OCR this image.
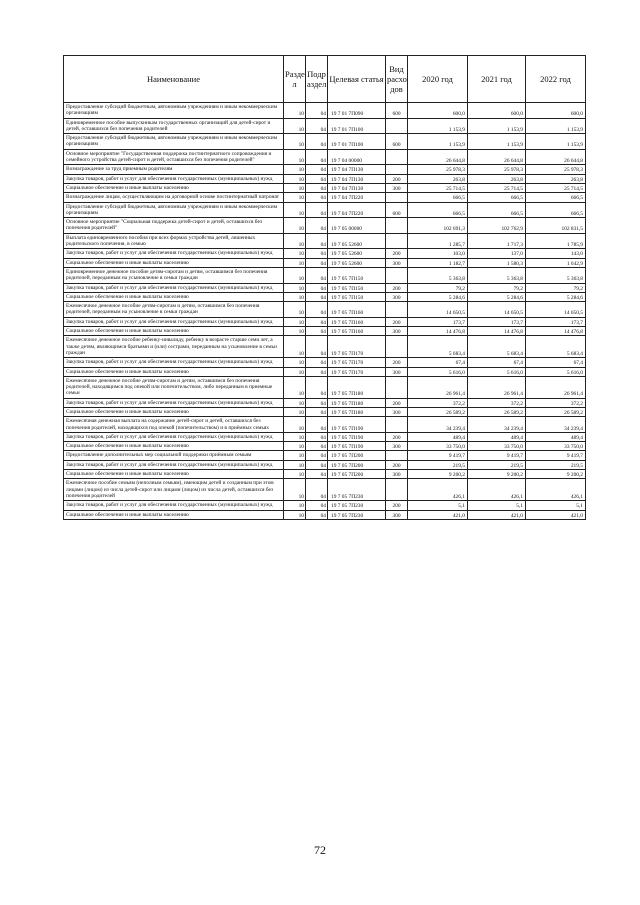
Наименование	Разде л	Подр аздел	Целевая статья	Вид расхо дов	2020 год	2021 год	2022 год
Предоставление субсидий бюджетным, автономным учреждениям и иным некоммерческим организациям	10	04	19 7 01 7П090	600	600,0	600,0	600,0
Единовременное пособие выпускникам государственных организаций для детей-сирот и детей, оставшихся без попечения родителей	10	04	19 7 01 7П100		1 153,9	1 153,9	1 153,9
Предоставление субсидий бюджетным, автономным учреждениям и иным некоммерческим организациям	10	04	19 7 01 7П100	600	1 153,9	1 153,9	1 153,9
Основное мероприятие "Государственная поддержка постинтернатного сопровождения и семейного устройства детей-сирот и детей, оставшихся без попечения родителей"	10	04	19 7 04 00000		26 644,8	26 644,8	26 644,8
Вознаграждение за труд приемным родителям	10	04	19 7 04 7П130		25 978,3	25 978,3	25 978,3
Закупка товаров, работ и услуг для обеспечения государственных (муниципальных) нужд	10	04	19 7 04 7П130	200	263,8	263,8	263,8
Социальное обеспечение и иные выплаты населению	10	04	19 7 04 7П130	300	25 714,5	25 714,5	25 714,5
Вознаграждение лицам, осуществляющим на договорной основе постинтернатный патронат	10	04	19 7 04 7П220		666,5	666,5	666,5
Предоставление субсидий бюджетным, автономным учреждениям и иным некоммерческим организациям	10	04	19 7 04 7П220	600	666,5	666,5	666,5
Основное мероприятие "Социальная поддержка детей-сирот и детей, оставшихся без попечения родителей"	10	04	19 7 05 00000		102 691,3	102 762,9	102 831,5
Выплата единовременного пособия при всех формах устройства детей, лишенных родительского попечения, в семью	10	04	19 7 05 52600		1 285,7	1 717,3	1 785,9
Закупка товаров, работ и услуг для обеспечения государственных (муниципальных) нужд	10	04	19 7 05 52600	200	103,0	137,0	143,0
Социальное обеспечение и иные выплаты населению	10	04	19 7 05 52600	300	1 182,7	1 580,3	1 642,9
Единовременное денежное пособие детям-сиротам и детям, оставшимся без попечения родителей, переданным на усыновление в семьи граждан	10	04	19 7 05 7П150		5 363,8	5 363,8	5 363,8
Закупка товаров, работ и услуг для обеспечения государственных (муниципальных) нужд	10	04	19 7 05 7П150	200	79,2	79,2	79,2
Социальное обеспечение и иные выплаты населению	10	04	19 7 05 7П150	300	5 284,6	5 284,6	5 284,6
Ежемесячное денежное пособие детям-сиротам и детям, оставшимся без попечения родителей, переданным на усыновление в семьи граждан	10	04	19 7 05 7П160		14 650,5	14 650,5	14 650,5
Закупка товаров, работ и услуг для обеспечения государственных (муниципальных) нужд	10	04	19 7 05 7П160	200	173,7	173,7	173,7
Социальное обеспечение и иные выплаты населению	10	04	19 7 05 7П160	300	14 476,8	14 476,8	14 476,8
Ежемесячное денежное пособие ребенку-инвалиду, ребенку в возрасте старше семи лет, а также детям, являющимся братьями и (или) сестрами, переданным на усыновление в семьи граждан	10	04	19 7 05 7П170		5 683,4	5 683,4	5 683,4
Закупка товаров, работ и услуг для обеспечения государственных (муниципальных) нужд	10	04	19 7 05 7П170	200	67,4	67,4	67,4
Социальное обеспечение и иные выплаты населению	10	04	19 7 05 7П170	300	5 616,0	5 616,0	5 616,0
Ежемесячное денежное пособие детям-сиротам и детям, оставшимся без попечения родителей, находящимся под опекой или попечительством, либо переданным в приемные семьи	10	04	19 7 05 7П180		26 961,4	26 961,4	26 961,4
Закупка товаров, работ и услуг для обеспечения государственных (муниципальных) нужд	10	04	19 7 05 7П180	200	372,2	372,2	372,2
Социальное обеспечение и иные выплаты населению	10	04	19 7 05 7П180	300	26 589,2	26 589,2	26 589,2
Ежемесячная денежная выплата на содержание детей-сирот и детей, оставшихся без попечения родителей, находящихся под опекой (попечительством) и в приёмных семьях	10	04	19 7 05 7П190		34 239,4	34 239,4	34 239,4
Закупка товаров, работ и услуг для обеспечения государственных (муниципальных) нужд	10	04	19 7 05 7П190	200	489,4	489,4	489,4
Социальное обеспечение и иные выплаты населению	10	04	19 7 05 7П190	300	33 750,0	33 750,0	33 750,0
Предоставление дополнительных мер социальной поддержки приёмным семьям	10	04	19 7 05 7П200		9 419,7	9 419,7	9 419,7
Закупка товаров, работ и услуг для обеспечения государственных (муниципальных) нужд	10	04	19 7 05 7П200	200	219,5	219,5	219,5
Социальное обеспечение и иные выплаты населению	10	04	19 7 05 7П200	300	9 200,2	9 200,2	9 200,2
Ежемесячное пособие семьям (неполным семьям), имеющим детей и созданным при этом лицами (лицом) из числа детей-сирот или лицами (лицом) из числа детей, оставшихся без попечения родителей	10	04	19 7 05 7П230		426,1	426,1	426,1
Закупка товаров, работ и услуг для обеспечения государственных (муниципальных) нужд	10	04	19 7 05 7П230	200	5,1	5,1	5,1
Социальное обеспечение и иные выплаты населению	10	04	19 7 05 7П230	300	421,0	421,0	421,0
72
